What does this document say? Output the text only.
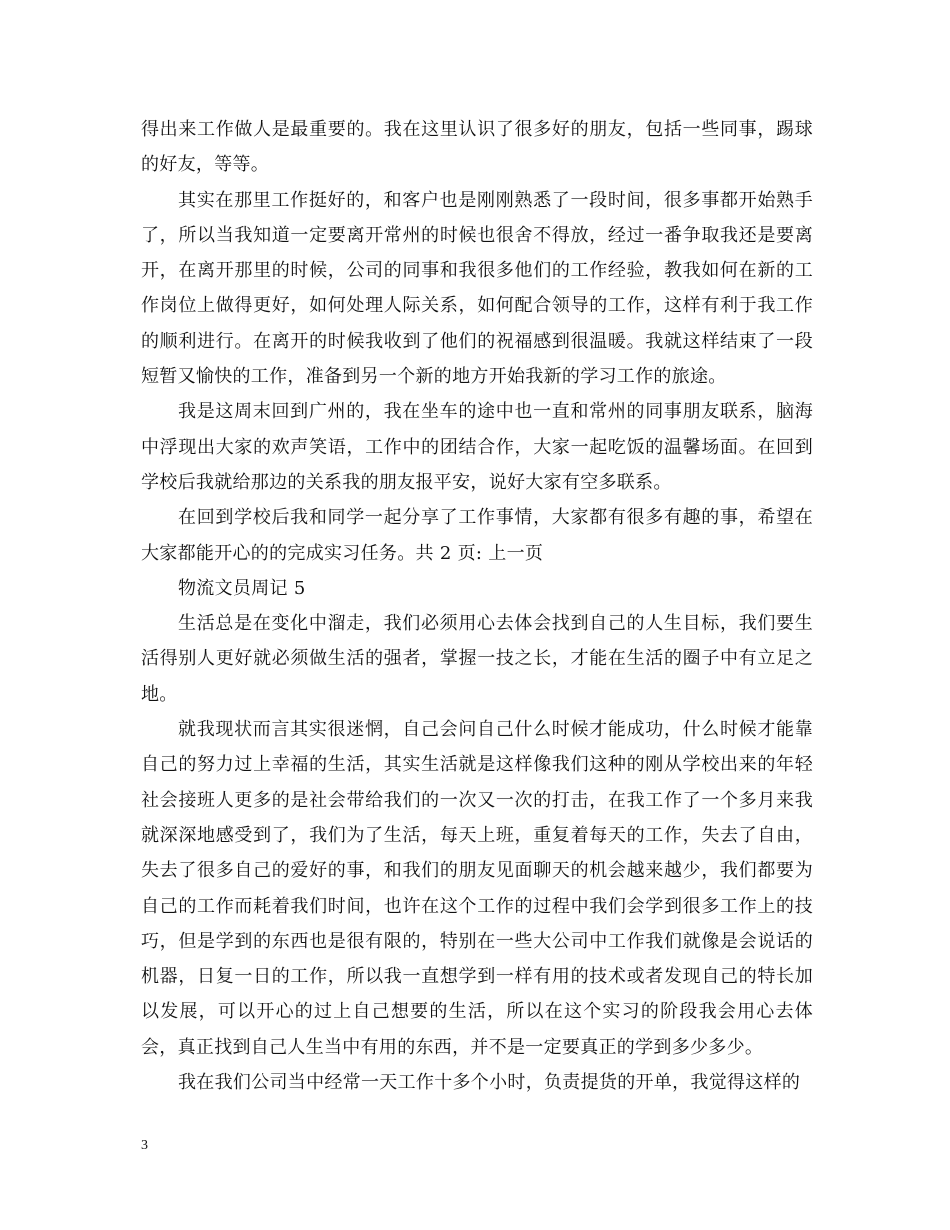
得出来工作做人是最重要的。我在这里认识了很多好的朋友，包括一些同事，踢球的好友，等等。

其实在那里工作挺好的，和客户也是刚刚熟悉了一段时间，很多事都开始熟手了，所以当我知道一定要离开常州的时候也很舍不得放，经过一番争取我还是要离开，在离开那里的时候，公司的同事和我很多他们的工作经验，教我如何在新的工作岗位上做得更好，如何处理人际关系，如何配合领导的工作，这样有利于我工作的顺利进行。在离开的时候我收到了他们的祝福感到很温暖。我就这样结束了一段短暂又愉快的工作，准备到另一个新的地方开始我新的学习工作的旅途。

我是这周末回到广州的，我在坐车的途中也一直和常州的同事朋友联系，脑海中浮现出大家的欢声笑语，工作中的团结合作，大家一起吃饭的温馨场面。在回到学校后我就给那边的关系我的朋友报平安，说好大家有空多联系。

在回到学校后我和同学一起分享了工作事情，大家都有很多有趣的事，希望在大家都能开心的的完成实习任务。共 2 页: 上一页

物流文员周记 5

生活总是在变化中溜走，我们必须用心去体会找到自己的人生目标，我们要生活得别人更好就必须做生活的强者，掌握一技之长，才能在生活的圈子中有立足之地。

就我现状而言其实很迷惘，自己会问自己什么时候才能成功，什么时候才能靠自己的努力过上幸福的生活，其实生活就是这样像我们这种的刚从学校出来的年轻社会接班人更多的是社会带给我们的一次又一次的打击，在我工作了一个多月来我就深深地感受到了，我们为了生活，每天上班，重复着每天的工作，失去了自由，失去了很多自己的爱好的事，和我们的朋友见面聊天的机会越来越少，我们都要为自己的工作而耗着我们时间，也许在这个工作的过程中我们会学到很多工作上的技巧，但是学到的东西也是很有限的，特别在一些大公司中工作我们就像是会说话的机器，日复一日的工作，所以我一直想学到一样有用的技术或者发现自己的特长加以发展，可以开心的过上自己想要的生活，所以在这个实习的阶段我会用心去体会，真正找到自己人生当中有用的东西，并不是一定要真正的学到多少多少。

我在我们公司当中经常一天工作十多个小时，负责提货的开单，我觉得这样的

3
